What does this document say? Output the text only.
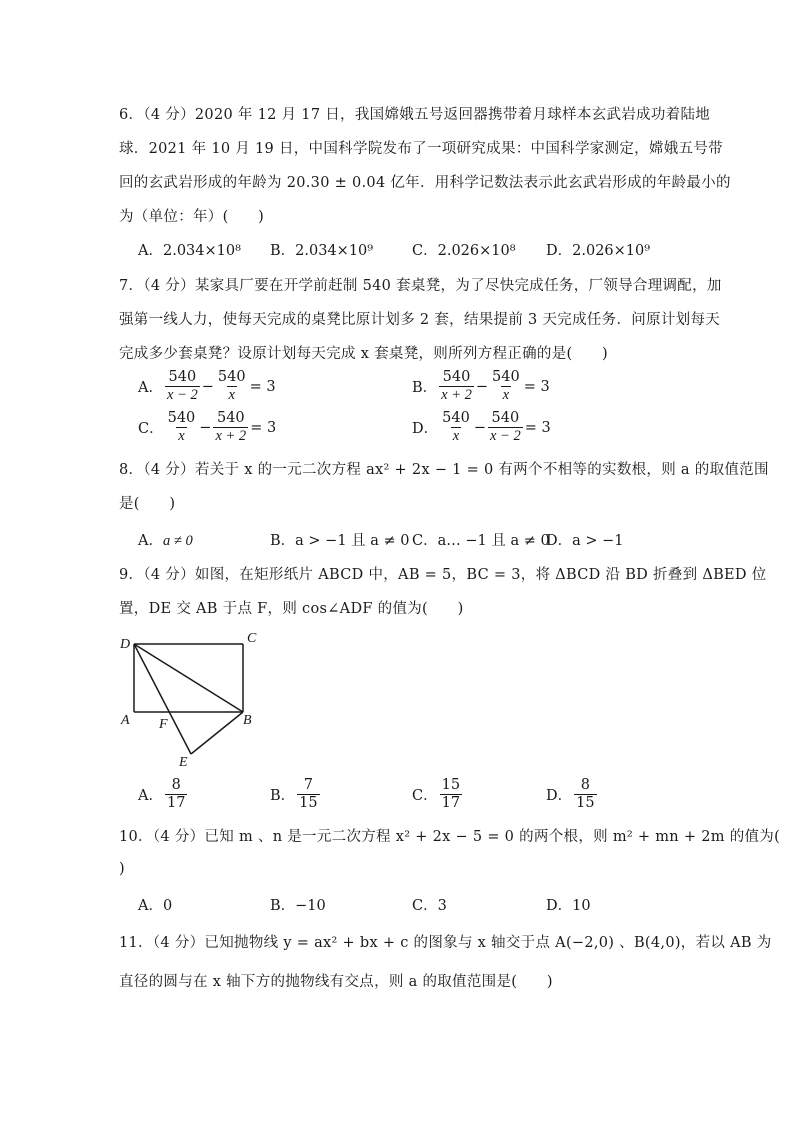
6．（4 分）2020 年 12 月 17 日，我国嫦娥五号返回器携带着月球样本玄武岩成功着陆地
球．2021 年 10 月 19 日，中国科学院发布了一项研究成果：中国科学家测定，嫦娥五号带
回的玄武岩形成的年龄为 20.30 ± 0.04 亿年．用科学记数法表示此玄武岩形成的年龄最小的
为（单位：年）(　　)
A．2.034×10⁸ B．2.034×10⁹	C．2.026×10⁸ D．2.026×10⁹
7．（4 分）某家具厂要在开学前赶制 540 套桌凳，为了尽快完成任务，厂领导合理调配，加
强第一线人力，使每天完成的桌凳比原计划多 2 套，结果提前 3 天完成任务．问原计划每天
完成多少套桌凳？设原计划每天完成 x 套桌凳，则所列方程正确的是(　　)
A． $\frac{540}{x - 2} - \frac{540}{x} = 3$	B． $\frac{540}{x + 2} - \frac{540}{x} = 3$
C． $\frac{540}{x} - \frac{540}{x + 2} = 3$	D． $\frac{540}{x} - \frac{540}{x - 2} = 3$
8．（4 分）若关于 x 的一元二次方程 ax² + 2x − 1 = 0 有两个不相等的实数根，则 a 的取值范围
是(　　)
A．a ≠ 0	B．a > −1 且 a ≠ 0 C．a… −1 且 a ≠ 0
D．a > −1
9．（4 分）如图，在矩形纸片 ABCD 中，AB = 5，BC = 3，将 ΔBCD 沿 BD 折叠到 ΔBED 位
置，DE 交 AB 于点 F，则 cos∠ADF 的值为(　　)
D	C
A F	B
E
A． $\frac{8}{17}$	B． $\frac{7}{15}$	C． $\frac{15}{17}$	D． $\frac{8}{15}$
10．（4 分）已知 m 、n 是一元二次方程 x² + 2x − 5 = 0 的两个根，则 m² + mn + 2m 的值为(
)
A．0	B．−10	C．3	D．10
11．（4 分）已知抛物线 y = ax² + bx + c 的图象与 x 轴交于点 A(−2,0) 、B(4,0)，若以 AB 为
直径的圆与在 x 轴下方的抛物线有交点，则 a 的取值范围是(　　)
